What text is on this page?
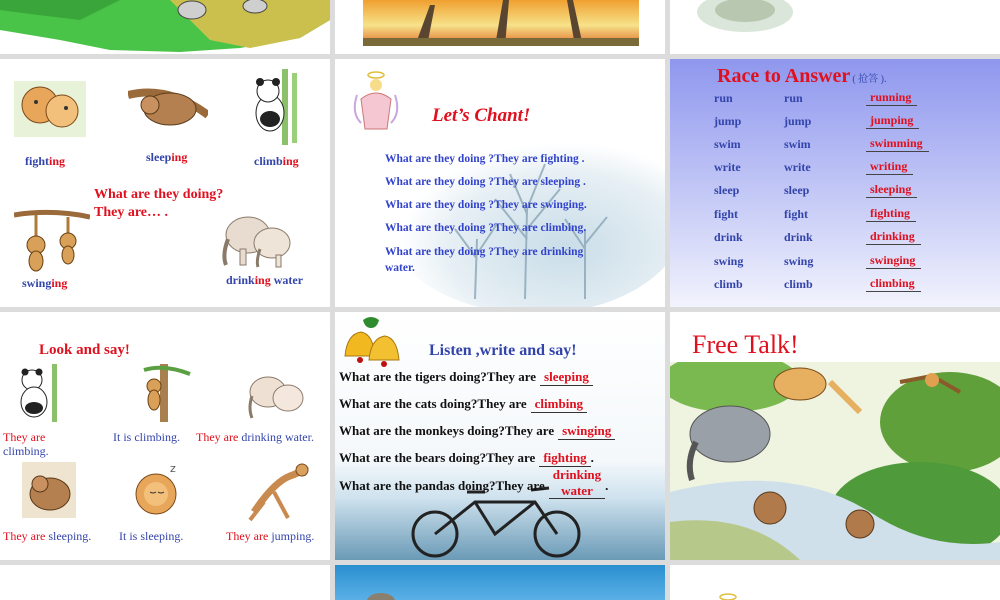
fighting	sleeping	climbing
What are they doing?
They are… .
swinging	drinking water
Let’s Chant!
What are they doing ?They are fighting .
What are they doing ?They are sleeping .
What are they doing ?They are swinging.
What are they doing ?They are climbing.
What are they doing ?They are drinking
water.
Race to Answer ( 抢答 ).
run	run	running
jump	jump	jumping
swim	swim	swimming
write	write	writing
sleep	sleep	sleeping
fight	fight	fighting
drink	drink	drinking
swing	swing	swinging
climb	climb	climbing
Look and say!
They are
climbing.
It is climbing. They are drinking water.
z
They are sleeping. It is sleeping.	They are jumping.
Listen ,write and say!
What are the tigers doing?They are sleeping
What are the cats doing?They are climbing
What are the monkeys doing?They are swinging
What are the bears doing?They are fighting .
What are the pandas doing?They aredrinking
water .
Free Talk!
